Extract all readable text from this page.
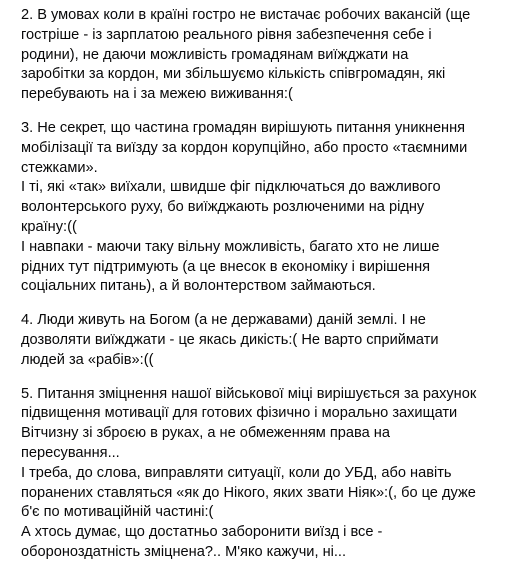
2. В умовах коли в країні гостро не вистачає робочих вакансій (ще
гостріше - із зарплатою реального рівня забезпечення себе і
родини), не даючи можливість громадянам виїжджати на
заробітки за кордон, ми збільшуємо кількість співгромадян, які
перебувають на і за межею виживання:(
3. Не секрет, що частина громадян вирішують питання уникнення
мобілізації та виїзду за кордон корупційно, або просто «таємними
стежками».
І ті, які «так» виїхали, швидше фіг підключаться до важливого
волонтерського руху, бо виїжджають розлюченими на рідну
країну:((
І навпаки - маючи таку вільну можливість, багато хто не лише
рідних тут підтримують (а це внесок в економіку і вирішення
соціальних питань), а й волонтерством займаються.
4. Люди живуть на Богом (а не державами) даній землі. І не
дозволяти виїжджати - це якась дикість:( Не варто сприймати
людей за «рабів»:((
5. Питання зміцнення нашої військової міці вирішується за рахунок
підвищення мотивації для готових фізично і морально захищати
Вітчизну зі зброєю в руках, а не обмеженням права на
пересування...
І треба, до слова, виправляти ситуації, коли до УБД, або навіть
поранених ставляться «як до Нікого, яких звати Ніяк»:(, бо це дуже
б'є по мотиваційній частині:(
А хтось думає, що достатньо заборонити виїзд і все -
обороноздатність зміцнена?.. М'яко кажучи, ні...
